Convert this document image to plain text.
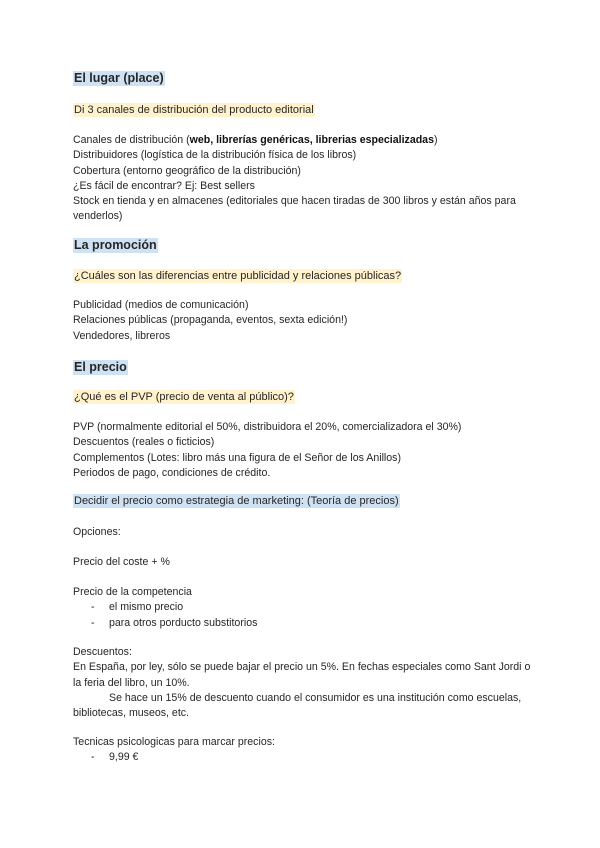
El lugar (place)
Di 3 canales de distribución del producto editorial
Canales de distribución (web, librerías genéricas, librerias especializadas)
Distribuidores (logística de la distribución física de los libros)
Cobertura (entorno geográfico de la distribución)
¿Es fácil de encontrar? Ej: Best sellers
Stock en tienda y en almacenes (editoriales que hacen tiradas de 300 libros y están años para venderlos)
La promoción
¿Cuáles son las diferencias entre publicidad y relaciones públicas?
Publicidad (medios de comunicación)
Relaciones públicas (propaganda, eventos, sexta edición!)
Vendedores, libreros
El precio
¿Qué es el PVP (precio de venta al público)?
PVP (normalmente editorial el 50%, distribuidora el 20%, comercializadora el 30%)
Descuentos (reales o ficticios)
Complementos (Lotes: libro más una figura de el Señor de los Anillos)
Periodos de pago, condiciones de crédito.
Decidir el precio como estrategia de marketing: (Teoría de precios)
Opciones:
Precio del coste + %
Precio de la competencia
- el mismo precio
- para otros porducto substitorios
Descuentos:
En España, por ley, sólo se puede bajar el precio un 5%. En fechas especiales como Sant Jordi o la feria del libro, un 10%.
Se hace un 15% de descuento cuando el consumidor es una institución como escuelas, bibliotecas, museos, etc.
Tecnicas psicologicas para marcar precios:
- 9,99 €
